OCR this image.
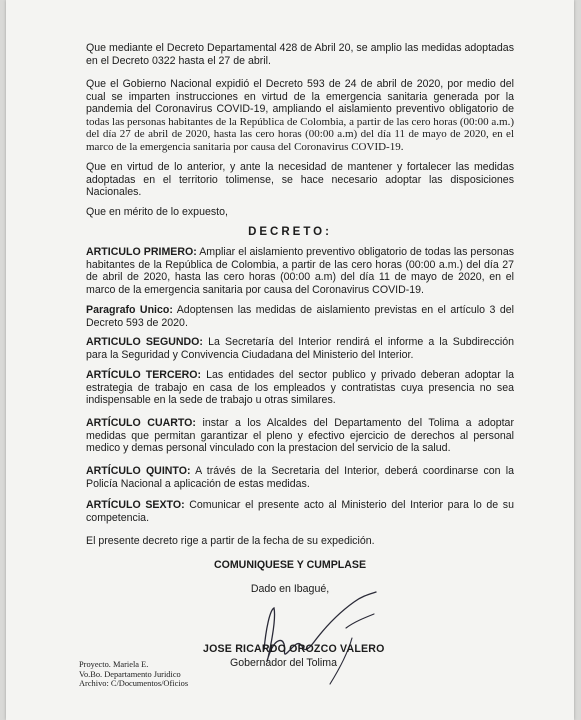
Que mediante el Decreto Departamental 428 de Abril 20, se amplio las medidas adoptadas en el Decreto 0322 hasta el 27 de abril.

Que el Gobierno Nacional expidió el Decreto 593 de 24 de abril de 2020, por medio del cual se imparten instrucciones en virtud de la emergencia sanitaria generada por la pandemia del Coronavirus COVID-19, ampliando el aislamiento preventivo obligatorio de todas las personas habitantes de la República de Colombia, a partir de las cero horas (00:00 a.m.) del día 27 de abril de 2020, hasta las cero horas (00:00 a.m) del día 11 de mayo de 2020, en el marco de la emergencia sanitaria por causa del Coronavirus COVID-19.

Que en virtud de lo anterior, y ante la necesidad de mantener y fortalecer las medidas adoptadas en el territorio tolimense, se hace necesario adoptar las disposiciones Nacionales.

Que en mérito de lo expuesto,

DECRETO:

ARTICULO PRIMERO: Ampliar el aislamiento preventivo obligatorio de todas las personas habitantes de la República de Colombia, a partir de las cero horas (00:00 a.m.) del día 27 de abril de 2020, hasta las cero horas (00:00 a.m) del día 11 de mayo de 2020, en el marco de la emergencia sanitaria por causa del Coronavirus COVID-19.

Paragrafo Unico: Adoptensen las medidas de aislamiento previstas en el artículo 3 del Decreto 593 de 2020.

ARTICULO SEGUNDO: La Secretaría del Interior rendirá el informe a la Subdirección para la Seguridad y Convivencia Ciudadana del Ministerio del Interior.

ARTÍCULO TERCERO: Las entidades del sector publico y privado deberan adoptar la estrategia de trabajo en casa de los empleados y contratistas cuya presencia no sea indispensable en la sede de trabajo u otras similares.

ARTÍCULO CUARTO: instar a los Alcaldes del Departamento del Tolima a adoptar medidas que permitan garantizar el pleno y efectivo ejercicio de derechos al personal medico y demas personal vinculado con la prestacion del servicio de la salud.

ARTÍCULO QUINTO: A trávés de la Secretaria del Interior, deberá coordinarse con la Policía Nacional a aplicación de estas medidas.

ARTÍCULO SEXTO: Comunicar el presente acto al Ministerio del Interior para lo de su competencia.

El presente decreto rige a partir de la fecha de su expedición.

COMUNIQUESE Y CUMPLASE
Dado en Ibagué,
JOSE RICARDO OROZCO VALERO
Gobernador del Tolima
Proyecto. Mariela E.
Vo.Bo. Departamento Juridico
Archivo: C/Documentos/Oficios
